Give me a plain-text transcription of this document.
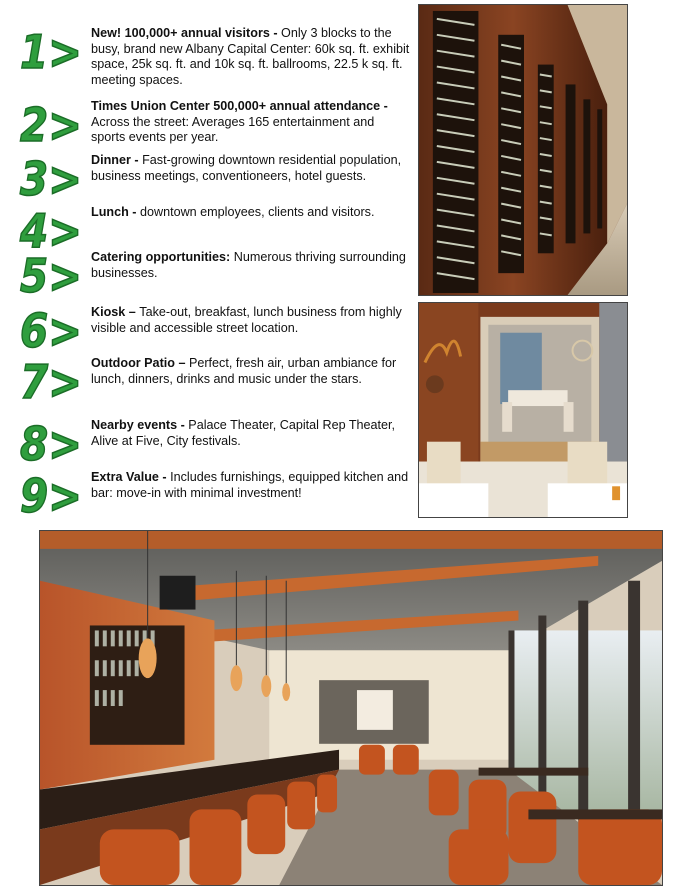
1> New! 100,000+ annual visitors - Only 3 blocks to the busy, brand new Albany Capital Center: 60k sq. ft. exhibit space, 25k sq. ft. and 10k sq. ft. ballrooms, 22.5 k sq. ft. meeting spaces.
2> Times Union Center 500,000+ annual attendance - Across the street: Averages 165 entertainment and sports events per year.
3> Dinner - Fast-growing downtown residential population, business meetings, conventioneers, hotel guests.
4> Lunch - downtown employees, clients and visitors.
5> Catering opportunities: Numerous thriving surrounding businesses.
6> Kiosk – Take-out, breakfast, lunch business from highly visible and accessible street location.
7> Outdoor Patio – Perfect, fresh air, urban ambiance for lunch, dinners, drinks and music under the stars.
8> Nearby events - Palace Theater, Capital Rep Theater, Alive at Five, City festivals.
9> Extra Value - Includes furnishings, equipped kitchen and bar: move-in with minimal investment!
